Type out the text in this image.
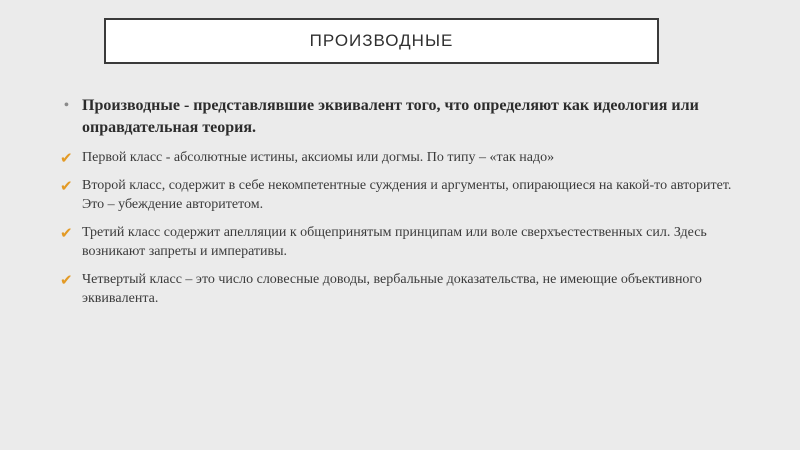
ПРОИЗВОДНЫЕ
• Производные - представлявшие эквивалент того, что определяют как идеология или оправдательная теория.
✔ Первой класс - абсолютные истины, аксиомы или догмы. По типу – «так надо»
✔ Второй класс, содержит в себе некомпетентные суждения и аргументы, опирающиеся на какой-то авторитет. Это – убеждение авторитетом.
✔ Третий класс содержит апелляции к общепринятым принципам или воле сверхъестественных сил. Здесь возникают запреты и императивы.
✔ Четвертый класс – это число словесные доводы, вербальные доказательства, не имеющие объективного эквивалента.
